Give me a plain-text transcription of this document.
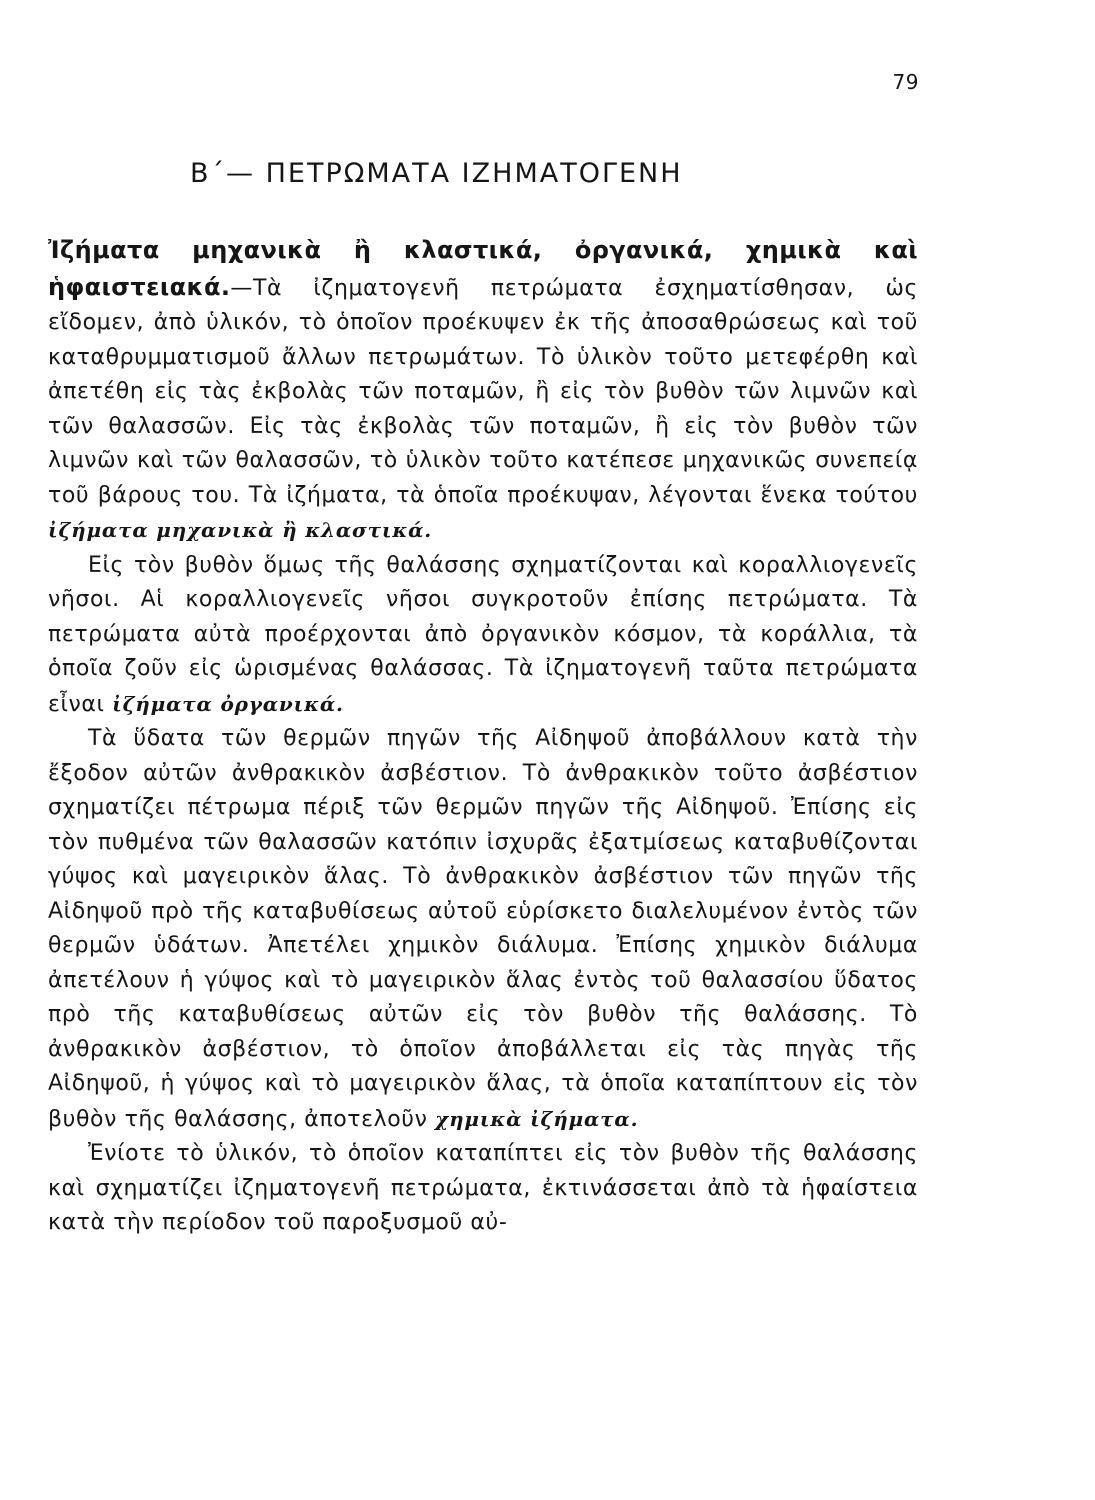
79
Β΄— ΠΕΤΡΩΜΑΤΑ ΙΖΗΜΑΤΟΓΕΝΗ

Ἰζήματα μηχανικὰ ἢ κλαστικά, ὀργανικά, χημικὰ καὶ ἡφαιστειακά.—Τὰ ἰζηματογενῆ πετρώματα ἐσχηματίσθησαν, ὡς εἴδομεν, ἀπὸ ὑλικόν, τὸ ὁποῖον προέκυψεν ἐκ τῆς ἀποσαθρώσεως καὶ τοῦ καταθρυμματισμοῦ ἄλλων πετρωμάτων. Τὸ ὑλικὸν τοῦτο μετεφέρθη καὶ ἀπετέθη εἰς τὰς ἐκβολὰς τῶν ποταμῶν, ἢ εἰς τὸν βυθὸν τῶν λιμνῶν καὶ τῶν θαλασσῶν. Εἰς τὰς ἐκβολὰς τῶν ποταμῶν, ἢ εἰς τὸν βυθὸν τῶν λιμνῶν καὶ τῶν θαλασσῶν, τὸ ὑλικὸν τοῦτο κατέπεσε μηχανικῶς συνεπείᾳ τοῦ βάρους του. Τὰ ἰζήματα, τὰ ὁποῖα προέκυψαν, λέγονται ἕνεκα τούτου ἰζήματα μηχανικὰ ἢ κλαστικά.

Εἰς τὸν βυθὸν ὅμως τῆς θαλάσσης σχηματίζονται καὶ κοραλλιογενεῖς νῆσοι. Αἱ κοραλλιογενεῖς νῆσοι συγκροτοῦν ἐπίσης πετρώματα. Τὰ πετρώματα αὐτὰ προέρχονται ἀπὸ ὀργανικὸν κόσμον, τὰ κοράλλια, τὰ ὁποῖα ζοῦν εἰς ὡρισμένας θαλάσσας. Τὰ ἰζηματογενῆ ταῦτα πετρώματα εἶναι ἰζήματα ὀργανικά.

Τὰ ὕδατα τῶν θερμῶν πηγῶν τῆς Αἰδηψοῦ ἀποβάλλουν κατὰ τὴν ἔξοδον αὐτῶν ἀνθρακικὸν ἀσβέστιον. Τὸ ἀνθρακικὸν τοῦτο ἀσβέστιον σχηματίζει πέτρωμα πέριξ τῶν θερμῶν πηγῶν τῆς Αἰδηψοῦ. Ἐπίσης εἰς τὸν πυθμένα τῶν θαλασσῶν κατόπιν ἰσχυρᾶς ἐξατμίσεως καταβυθίζονται γύψος καὶ μαγειρικὸν ἅλας. Τὸ ἀνθρακικὸν ἀσβέστιον τῶν πηγῶν τῆς Αἰδηψοῦ πρὸ τῆς καταβυθίσεως αὐτοῦ εὑρίσκετο διαλελυμένον ἐντὸς τῶν θερμῶν ὑδάτων. Ἀπετέλει χημικὸν διάλυμα. Ἐπίσης χημικὸν διάλυμα ἀπετέλουν ἡ γύψος καὶ τὸ μαγειρικὸν ἅλας ἐντὸς τοῦ θαλασσίου ὕδατος πρὸ τῆς καταβυθίσεως αὐτῶν εἰς τὸν βυθὸν τῆς θαλάσσης. Τὸ ἀνθρακικὸν ἀσβέστιον, τὸ ὁποῖον ἀποβάλλεται εἰς τὰς πηγὰς τῆς Αἰδηψοῦ, ἡ γύψος καὶ τὸ μαγειρικὸν ἅλας, τὰ ὁποῖα καταπίπτουν εἰς τὸν βυθὸν τῆς θαλάσσης, ἀποτελοῦν χημικὰ ἰζήματα.

Ἐνίοτε τὸ ὑλικόν, τὸ ὁποῖον καταπίπτει εἰς τὸν βυθὸν τῆς θαλάσσης καὶ σχηματίζει ἰζηματογενῆ πετρώματα, ἐκτινάσσεται ἀπὸ τὰ ἡφαίστεια κατὰ τὴν περίοδον τοῦ παροξυσμοῦ αὐ-
